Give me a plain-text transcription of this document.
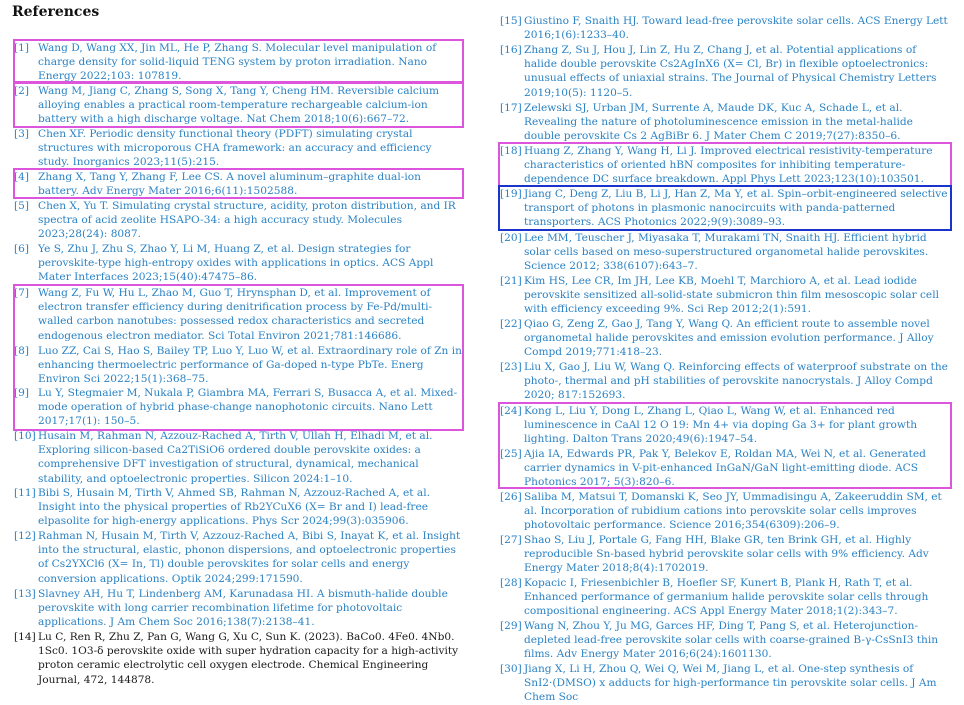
References
[1] Wang D, Wang XX, Jin ML, He P, Zhang S. Molecular level manipulation of charge density for solid-liquid TENG system by proton irradiation. Nano Energy 2022;103: 107819.
[2] Wang M, Jiang C, Zhang S, Song X, Tang Y, Cheng HM. Reversible calcium alloying enables a practical room-temperature rechargeable calcium-ion battery with a high discharge voltage. Nat Chem 2018;10(6):667–72.
[3] Chen XF. Periodic density functional theory (PDFT) simulating crystal structures with microporous CHA framework: an accuracy and efficiency study. Inorganics 2023;11(5):215.
[4] Zhang X, Tang Y, Zhang F, Lee CS. A novel aluminum–graphite dual-ion battery. Adv Energy Mater 2016;6(11):1502588.
[5] Chen X, Yu T. Simulating crystal structure, acidity, proton distribution, and IR spectra of acid zeolite HSAPO-34: a high accuracy study. Molecules 2023;28(24): 8087.
[6] Ye S, Zhu J, Zhu S, Zhao Y, Li M, Huang Z, et al. Design strategies for perovskite-type high-entropy oxides with applications in optics. ACS Appl Mater Interfaces 2023;15(40):47475–86.
[7] Wang Z, Fu W, Hu L, Zhao M, Guo T, Hrynsphan D, et al. Improvement of electron transfer efficiency during denitrification process by Fe-Pd/multi-walled carbon nanotubes: possessed redox characteristics and secreted endogenous electron mediator. Sci Total Environ 2021;781:146686.
[8] Luo ZZ, Cai S, Hao S, Bailey TP, Luo Y, Luo W, et al. Extraordinary role of Zn in enhancing thermoelectric performance of Ga-doped n-type PbTe. Energ Environ Sci 2022;15(1):368–75.
[9] Lu Y, Stegmaier M, Nukala P, Giambra MA, Ferrari S, Busacca A, et al. Mixed-mode operation of hybrid phase-change nanophotonic circuits. Nano Lett 2017;17(1): 150–5.
[10] Husain M, Rahman N, Azzouz-Rached A, Tirth V, Ullah H, Elhadi M, et al. Exploring silicon-based Ca2TiSiO6 ordered double perovskite oxides: a comprehensive DFT investigation of structural, dynamical, mechanical stability, and optoelectronic properties. Silicon 2024:1–10.
[11] Bibi S, Husain M, Tirth V, Ahmed SB, Rahman N, Azzouz-Rached A, et al. Insight into the physical properties of Rb2YCuX6 (X= Br and I) lead-free elpasolite for high-energy applications. Phys Scr 2024;99(3):035906.
[12] Rahman N, Husain M, Tirth V, Azzouz-Rached A, Bibi S, Inayat K, et al. Insight into the structural, elastic, phonon dispersions, and optoelectronic properties of Cs2YXCl6 (X= In, Tl) double perovskites for solar cells and energy conversion applications. Optik 2024;299:171590.
[13] Slavney AH, Hu T, Lindenberg AM, Karunadasa HI. A bismuth-halide double perovskite with long carrier recombination lifetime for photovoltaic applications. J Am Chem Soc 2016;138(7):2138–41.
[14] Lu C, Ren R, Zhu Z, Pan G, Wang G, Xu C, Sun K. (2023). BaCo0. 4Fe0. 4Nb0. 1Sc0. 1O3-δ perovskite oxide with super hydration capacity for a high-activity proton ceramic electrolytic cell oxygen electrode. Chemical Engineering Journal, 472, 144878.
[15] Giustino F, Snaith HJ. Toward lead-free perovskite solar cells. ACS Energy Lett 2016;1(6):1233–40.
[16] Zhang Z, Su J, Hou J, Lin Z, Hu Z, Chang J, et al. Potential applications of halide double perovskite Cs2AgInX6 (X= Cl, Br) in flexible optoelectronics: unusual effects of uniaxial strains. The Journal of Physical Chemistry Letters 2019;10(5): 1120–5.
[17] Zelewski SJ, Urban JM, Surrente A, Maude DK, Kuc A, Schade L, et al. Revealing the nature of photoluminescence emission in the metal-halide double perovskite Cs 2 AgBiBr 6. J Mater Chem C 2019;7(27):8350–6.
[18] Huang Z, Zhang Y, Wang H, Li J. Improved electrical resistivity-temperature characteristics of oriented hBN composites for inhibiting temperature-dependence DC surface breakdown. Appl Phys Lett 2023;123(10):103501.
[19] Jiang C, Deng Z, Liu B, Li J, Han Z, Ma Y, et al. Spin–orbit-engineered selective transport of photons in plasmonic nanocircuits with panda-patterned transporters. ACS Photonics 2022;9(9):3089–93.
[20] Lee MM, Teuscher J, Miyasaka T, Murakami TN, Snaith HJ. Efficient hybrid solar cells based on meso-superstructured organometal halide perovskites. Science 2012; 338(6107):643–7.
[21] Kim HS, Lee CR, Im JH, Lee KB, Moehl T, Marchioro A, et al. Lead iodide perovskite sensitized all-solid-state submicron thin film mesoscopic solar cell with efficiency exceeding 9%. Sci Rep 2012;2(1):591.
[22] Qiao G, Zeng Z, Gao J, Tang Y, Wang Q. An efficient route to assemble novel organometal halide perovskites and emission evolution performance. J Alloy Compd 2019;771:418–23.
[23] Liu X, Gao J, Liu W, Wang Q. Reinforcing effects of waterproof substrate on the photo-, thermal and pH stabilities of perovskite nanocrystals. J Alloy Compd 2020; 817:152693.
[24] Kong L, Liu Y, Dong L, Zhang L, Qiao L, Wang W, et al. Enhanced red luminescence in CaAl 12 O 19: Mn 4+ via doping Ga 3+ for plant growth lighting. Dalton Trans 2020;49(6):1947–54.
[25] Ajia IA, Edwards PR, Pak Y, Belekov E, Roldan MA, Wei N, et al. Generated carrier dynamics in V-pit-enhanced InGaN/GaN light-emitting diode. ACS Photonics 2017; 5(3):820–6.
[26] Saliba M, Matsui T, Domanski K, Seo JY, Ummadisingu A, Zakeeruddin SM, et al. Incorporation of rubidium cations into perovskite solar cells improves photovoltaic performance. Science 2016;354(6309):206–9.
[27] Shao S, Liu J, Portale G, Fang HH, Blake GR, ten Brink GH, et al. Highly reproducible Sn-based hybrid perovskite solar cells with 9% efficiency. Adv Energy Mater 2018;8(4):1702019.
[28] Kopacic I, Friesenbichler B, Hoefler SF, Kunert B, Plank H, Rath T, et al. Enhanced performance of germanium halide perovskite solar cells through compositional engineering. ACS Appl Energy Mater 2018;1(2):343–7.
[29] Wang N, Zhou Y, Ju MG, Garces HF, Ding T, Pang S, et al. Heterojunction-depleted lead-free perovskite solar cells with coarse-grained B-γ-CsSnI3 thin films. Adv Energy Mater 2016;6(24):1601130.
[30] Jiang X, Li H, Zhou Q, Wei Q, Wei M, Jiang L, et al. One-step synthesis of SnI2·(DMSO) x adducts for high-performance tin perovskite solar cells. J Am Chem Soc
